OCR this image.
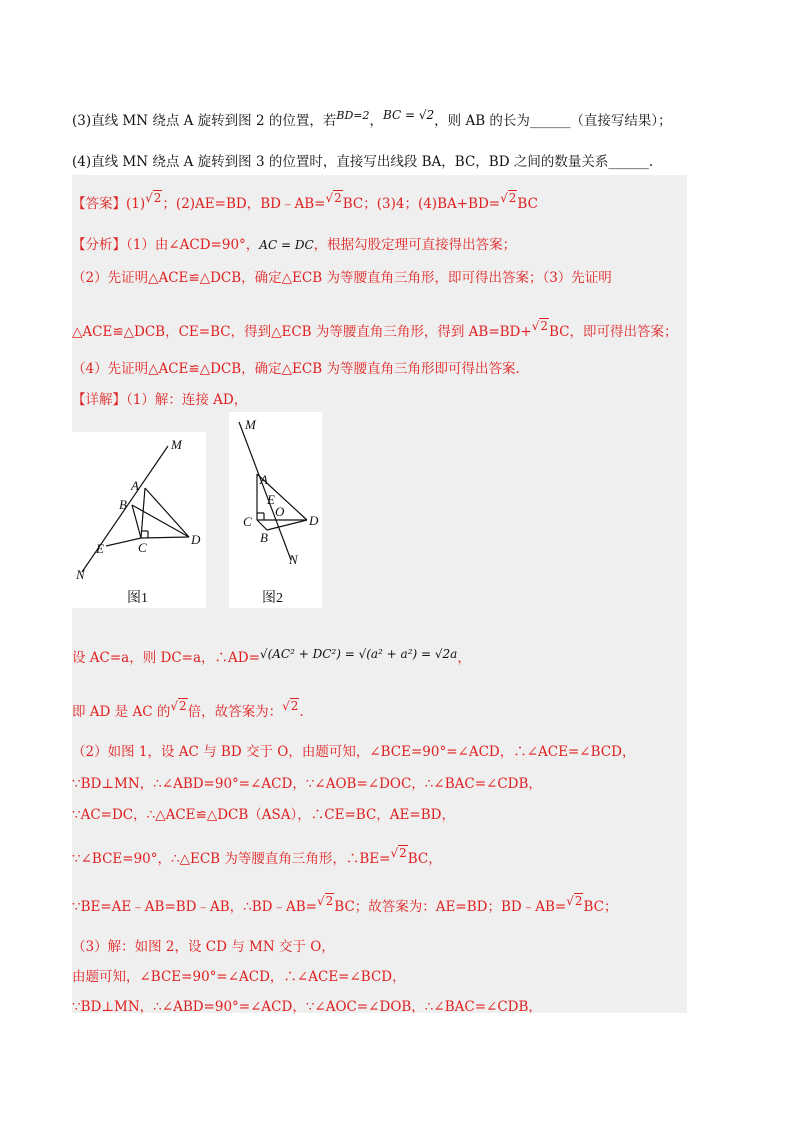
(3)直线 MN 绕点 A 旋转到图 2 的位置，若$^{BD=2}$，BC = √2，则 AB 的长为______（直接写结果）；
(4)直线 MN 绕点 A 旋转到图 3 的位置时，直接写出线段 BA，BC，BD 之间的数量关系______.
【答案】(1)√2；(2)AE=BD，BD﹣AB=√2BC；(3)4；(4)BA+BD=√2BC
【分析】（1）由∠ACD=90°，AC = DC，根据勾股定理可直接得出答案；
（2）先证明△ACE≌△DCB，确定△ECB 为等腰直角三角形，即可得出答案；（3）先证明
△ACE≌△DCB，CE=BC，得到△ECB 为等腰直角三角形，得到 AB=BD+√2BC，即可得出答案；
（4）先证明△ACE≌△DCB，确定△ECB 为等腰直角三角形即可得出答案.
【详解】（1）解：连接 AD，
M
A
B
C
D
E
N
图1
M
A
E
O
C	D
B
N
图2
设 AC=a，则 DC=a，∴AD=√(AC² + DC²) = √(a² + a²) = √2a，
即 AD 是 AC 的√2倍，故答案为：√2.
（2）如图 1，设 AC 与 BD 交于 O，由题可知，∠BCE=90°=∠ACD，∴∠ACE=∠BCD，
∵BD⊥MN，∴∠ABD=90°=∠ACD，∵∠AOB=∠DOC，∴∠BAC=∠CDB，
∵AC=DC，∴△ACE≌△DCB（ASA），∴CE=BC，AE=BD，
∵∠BCE=90°，∴△ECB 为等腰直角三角形，∴BE=√2BC，
∵BE=AE﹣AB=BD﹣AB，∴BD﹣AB=√2BC；故答案为：AE=BD；BD﹣AB=√2BC；
（3）解：如图 2，设 CD 与 MN 交于 O，
由题可知，∠BCE=90°=∠ACD，∴∠ACE=∠BCD，
∵BD⊥MN，∴∠ABD=90°=∠ACD，∵∠AOC=∠DOB，∴∠BAC=∠CDB，
